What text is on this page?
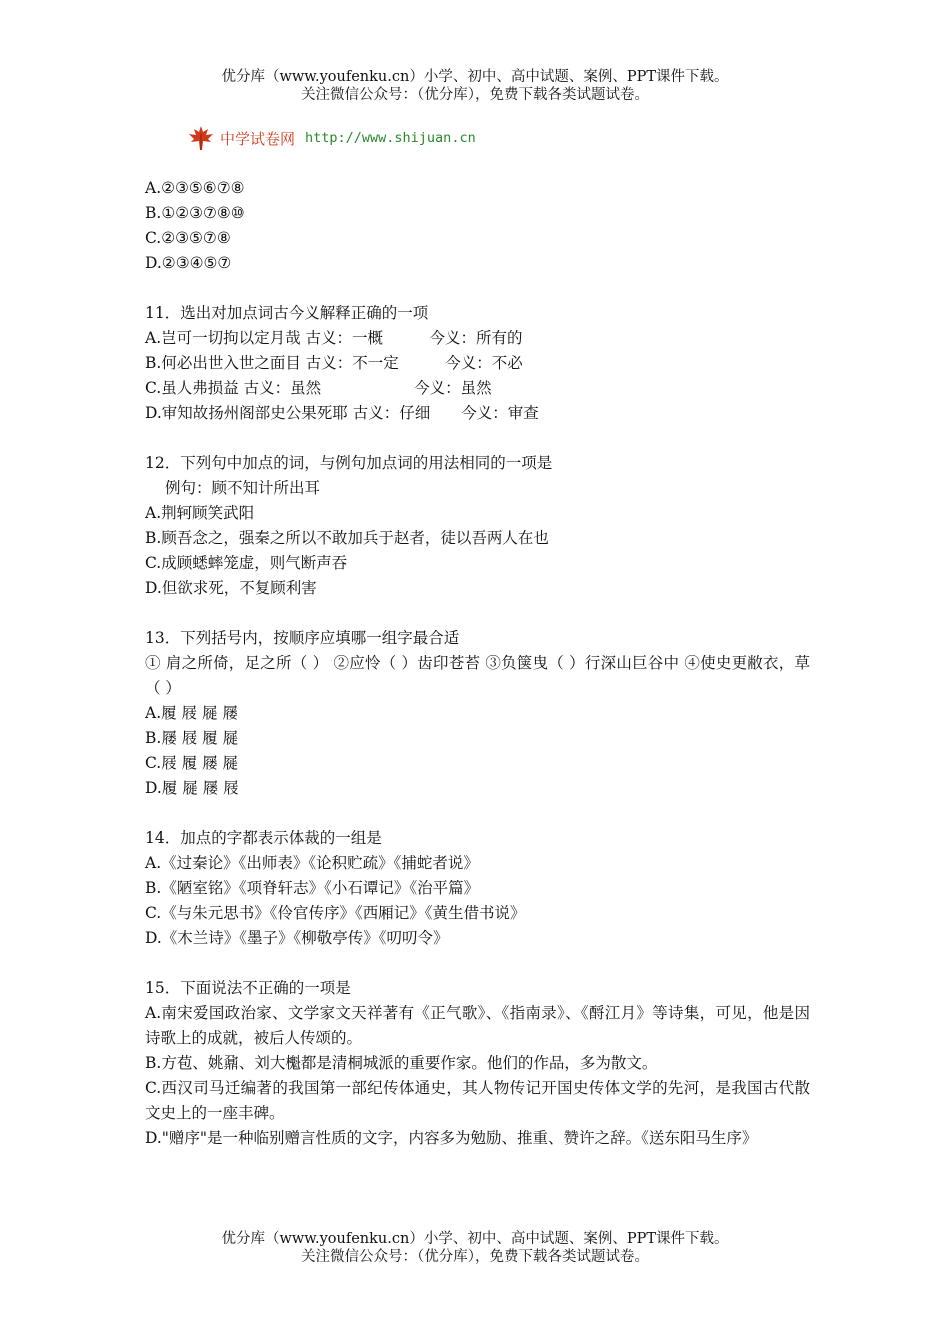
优分库（www.youfenku.cn）小学、初中、高中试题、案例、PPT课件下载。
关注微信公众号：（优分库），免费下载各类试题试卷。
中学试卷网 http://www.shijuan.cn
A.②③⑤⑥⑦⑧
B.①②③⑦⑧⑩
C.②③⑤⑦⑧
D.②③④⑤⑦
11．选出对加点词古今义解释正确的一项
A.岂可一切拘以定月哉 古义：一概　　　今义：所有的
B.何必出世入世之面目 古义：不一定　　　今义：不必
C.虽人弗损益 古义：虽然　　　　　　今义：虽然
D.审知故扬州阁部史公果死耶 古义：仔细　　今义：审查
12．下列句中加点的词，与例句加点词的用法相同的一项是
例句：顾不知计所出耳
A.荆轲顾笑武阳
B.顾吾念之，强秦之所以不敢加兵于赵者，徒以吾两人在也
C.成顾蟋蟀笼虚，则气断声吞
D.但欲求死，不复顾利害
13．下列括号内，按顺序应填哪一组字最合适
① 肩之所倚，足之所（ ） ②应怜（ ）齿印苍苔 ③负箧曳（ ）行深山巨谷中 ④使史更敝衣，草（ ）
A.履 屐 屣 屦
B.屦 屐 履 屣
C.屐 履 屦 屣
D.履 屣 屦 屐
14．加点的字都表示体裁的一组是
A.《过秦论》《出师表》《论积贮疏》《捕蛇者说》
B.《陋室铭》《项脊轩志》《小石谭记》《治平篇》
C.《与朱元思书》《伶官传序》《西厢记》《黄生借书说》
D.《木兰诗》《墨子》《柳敬亭传》《叨叨令》
15．下面说法不正确的一项是
A.南宋爱国政治家、文学家文天祥著有《正气歌》、《指南录》、《酹江月》等诗集，可见，他是因诗歌上的成就，被后人传颂的。
B.方苞、姚鼐、刘大櫆都是清桐城派的重要作家。他们的作品，多为散文。
C.西汉司马迁编著的我国第一部纪传体通史，其人物传记开国史传体文学的先河，是我国古代散文史上的一座丰碑。
D."赠序"是一种临别赠言性质的文字，内容多为勉励、推重、赞许之辞。《送东阳马生序》
优分库（www.youfenku.cn）小学、初中、高中试题、案例、PPT课件下载。
关注微信公众号：（优分库），免费下载各类试题试卷。
